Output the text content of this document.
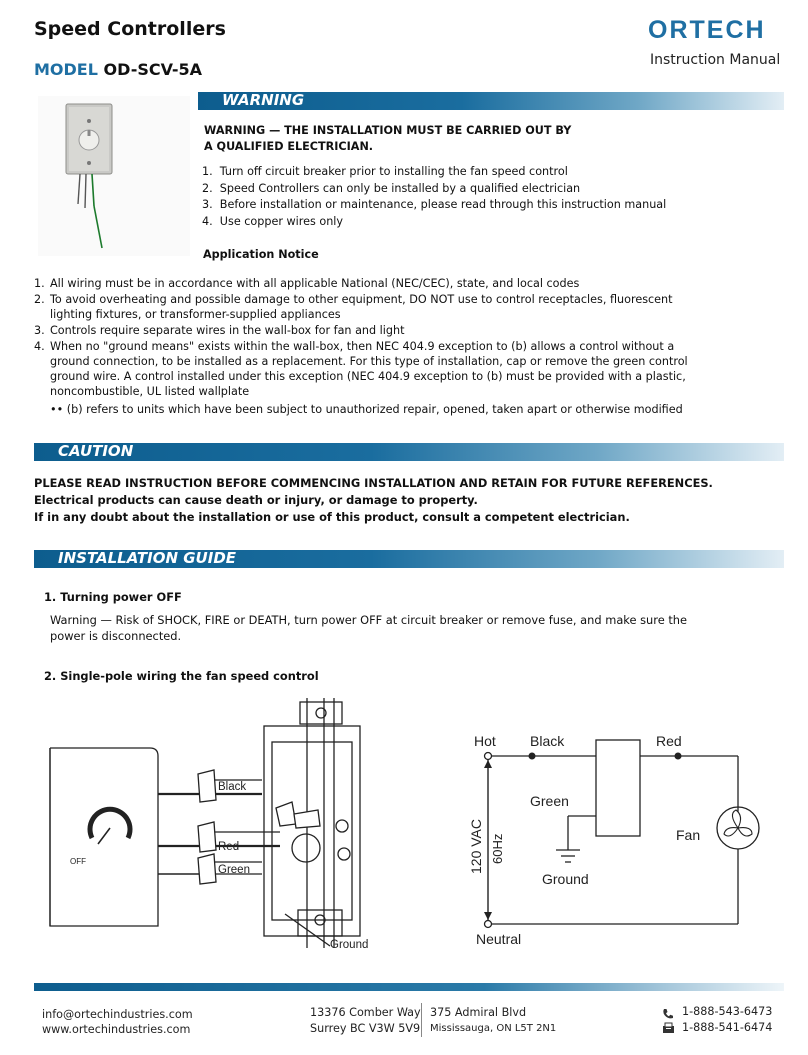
Speed Controllers
MODEL OD-SCV-5A
ORTECH
Instruction Manual
WARNING
WARNING — THE INSTALLATION MUST BE CARRIED OUT BY
A QUALIFIED ELECTRICIAN.
1.  Turn off circuit breaker prior to installing the fan speed control
2.  Speed Controllers can only be installed by a qualified electrician
3.  Before installation or maintenance, please read through this instruction manual
4.  Use copper wires only
Application Notice
1. All wiring must be in accordance with all applicable National (NEC/CEC), state, and local codes
2. To avoid overheating and possible damage to other equipment, DO NOT use to control receptacles, fluorescent lighting fixtures, or transformer-supplied appliances
3. Controls require separate wires in the wall-box for fan and light
4. When no "ground means" exists within the wall-box, then NEC 404.9 exception to (b) allows a control without a ground connection, to be installed as a replacement. For this type of installation, cap or remove the green control ground wire. A control installed under this exception (NEC 404.9 exception to (b) must be provided with a plastic, noncombustible, UL listed wallplate
•• (b) refers to units which have been subject to unauthorized repair, opened, taken apart or otherwise modified
CAUTION
PLEASE READ INSTRUCTION BEFORE COMMENCING INSTALLATION AND RETAIN FOR FUTURE REFERENCES.
Electrical products can cause death or injury, or damage to property.
If in any doubt about the installation or use of this product, consult a competent electrician.
INSTALLATION GUIDE
1. Turning power OFF
Warning — Risk of SHOCK, FIRE or DEATH, turn power OFF at circuit breaker or remove fuse, and make sure the power is disconnected.
2. Single-pole wiring the fan speed control
OFF
Black
Red
Green
Ground
Hot Black	Red
Green
Ground
Fan
Neutral
120 VAC 60Hz
info@ortechindustries.com
www.ortechindustries.com
13376 Comber Way
Surrey BC V3W 5V9
375 Admiral Blvd
Mississauga, ON L5T 2N1
1-888-543-6473
1-888-541-6474
